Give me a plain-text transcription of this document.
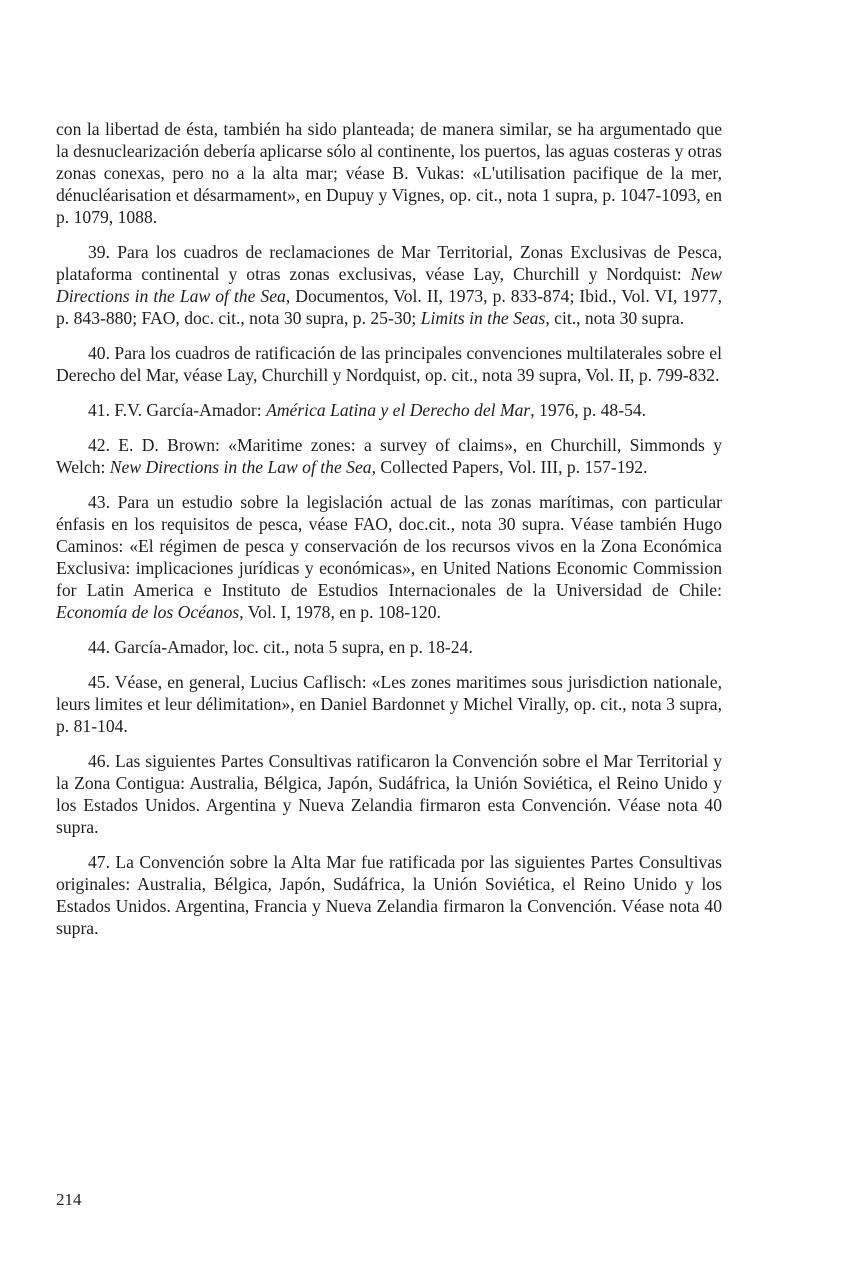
con la libertad de ésta, también ha sido planteada; de manera similar, se ha argumentado que la desnuclearización debería aplicarse sólo al continente, los puertos, las aguas costeras y otras zonas conexas, pero no a la alta mar; véase B. Vukas: «L'utilisation pacifique de la mer, dénucléarisation et désarmament», en Dupuy y Vignes, op. cit., nota 1 supra, p. 1047-1093, en p. 1079, 1088.

39. Para los cuadros de reclamaciones de Mar Territorial, Zonas Exclusivas de Pesca, plataforma continental y otras zonas exclusivas, véase Lay, Churchill y Nordquist: New Directions in the Law of the Sea, Documentos, Vol. II, 1973, p. 833-874; Ibid., Vol. VI, 1977, p. 843-880; FAO, doc. cit., nota 30 supra, p. 25-30; Limits in the Seas, cit., nota 30 supra.

40. Para los cuadros de ratificación de las principales convenciones multilaterales sobre el Derecho del Mar, véase Lay, Churchill y Nordquist, op. cit., nota 39 supra, Vol. II, p. 799-832.

41. F.V. García-Amador: América Latina y el Derecho del Mar, 1976, p. 48-54.

42. E. D. Brown: «Maritime zones: a survey of claims», en Churchill, Simmonds y Welch: New Directions in the Law of the Sea, Collected Papers, Vol. III, p. 157-192.

43. Para un estudio sobre la legislación actual de las zonas marítimas, con particular énfasis en los requisitos de pesca, véase FAO, doc.cit., nota 30 supra. Véase también Hugo Caminos: «El régimen de pesca y conservación de los recursos vivos en la Zona Económica Exclusiva: implicaciones jurídicas y económicas», en United Nations Economic Commission for Latin America e Instituto de Estudios Internacionales de la Universidad de Chile: Economía de los Océanos, Vol. I, 1978, en p. 108-120.

44. García-Amador, loc. cit., nota 5 supra, en p. 18-24.

45. Véase, en general, Lucius Caflisch: «Les zones maritimes sous jurisdiction nationale, leurs limites et leur délimitation», en Daniel Bardonnet y Michel Virally, op. cit., nota 3 supra, p. 81-104.

46. Las siguientes Partes Consultivas ratificaron la Convención sobre el Mar Territorial y la Zona Contigua: Australia, Bélgica, Japón, Sudáfrica, la Unión Soviética, el Reino Unido y los Estados Unidos. Argentina y Nueva Zelandia firmaron esta Convención. Véase nota 40 supra.

47. La Convención sobre la Alta Mar fue ratificada por las siguientes Partes Consultivas originales: Australia, Bélgica, Japón, Sudáfrica, la Unión Soviética, el Reino Unido y los Estados Unidos. Argentina, Francia y Nueva Zelandia firmaron la Convención. Véase nota 40 supra.

214
